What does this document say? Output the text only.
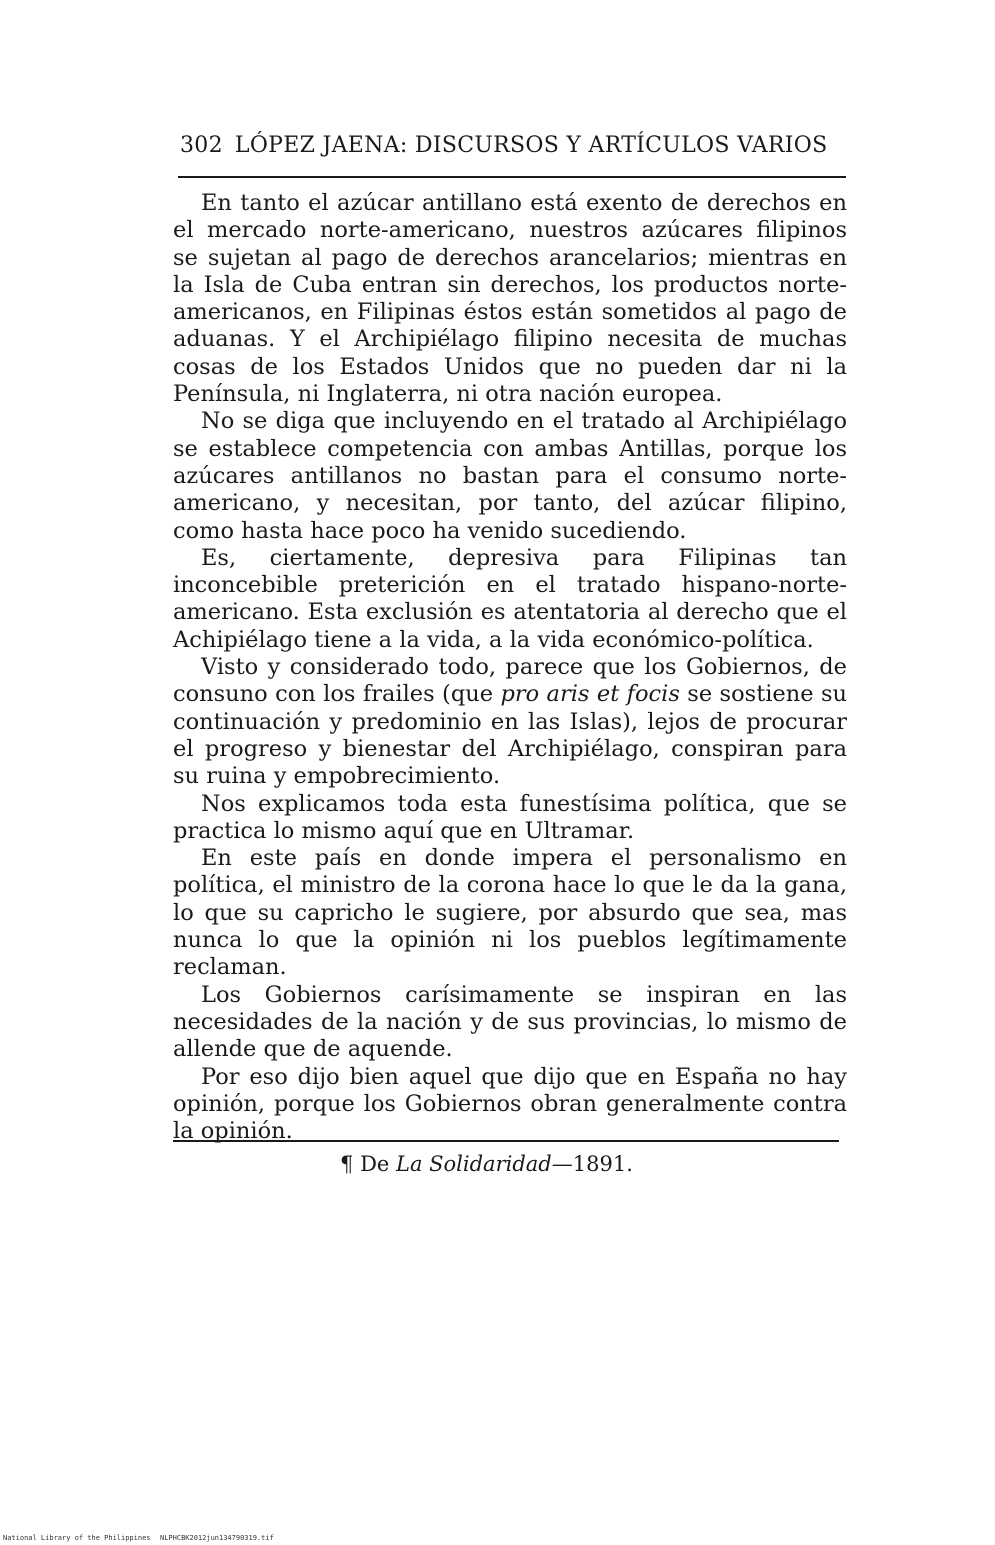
302 LÓPEZ JAENA: DISCURSOS Y ARTÍCULOS VARIOS

En tanto el azúcar antillano está exento de derechos en el mercado norte-americano, nuestros azúcares filipinos se sujetan al pago de derechos arancelarios; mientras en la Isla de Cuba entran sin derechos, los productos norte-americanos, en Filipinas éstos están sometidos al pago de aduanas. Y el Archipiélago filipino necesita de muchas cosas de los Estados Unidos que no pueden dar ni la Península, ni Inglaterra, ni otra nación europea.

No se diga que incluyendo en el tratado al Archipiélago se establece competencia con ambas Antillas, porque los azúcares antillanos no bastan para el consumo norte-americano, y necesitan, por tanto, del azúcar filipino, como hasta hace poco ha venido sucediendo.

Es, ciertamente, depresiva para Filipinas tan inconcebible preterición en el tratado hispano-norte-americano. Esta exclusión es atentatoria al derecho que el Achipiélago tiene a la vida, a la vida económico-política.

Visto y considerado todo, parece que los Gobiernos, de consuno con los frailes (que pro aris et focis se sostiene su continuación y predominio en las Islas), lejos de procurar el progreso y bienestar del Archipiélago, conspiran para su ruina y empobrecimiento.

Nos explicamos toda esta funestísima política, que se practica lo mismo aquí que en Ultramar.

En este país en donde impera el personalismo en política, el ministro de la corona hace lo que le da la gana, lo que su capricho le sugiere, por absurdo que sea, mas nunca lo que la opinión ni los pueblos legítimamente reclaman.

Los Gobiernos carísimamente se inspiran en las necesidades de la nación y de sus provincias, lo mismo de allende que de aquende.

Por eso dijo bien aquel que dijo que en España no hay opinión, porque los Gobiernos obran generalmente contra la opinión.

¶ De La Solidaridad—1891.
National Library of the Philippines NLPHCBK2012jun134790319.tif
